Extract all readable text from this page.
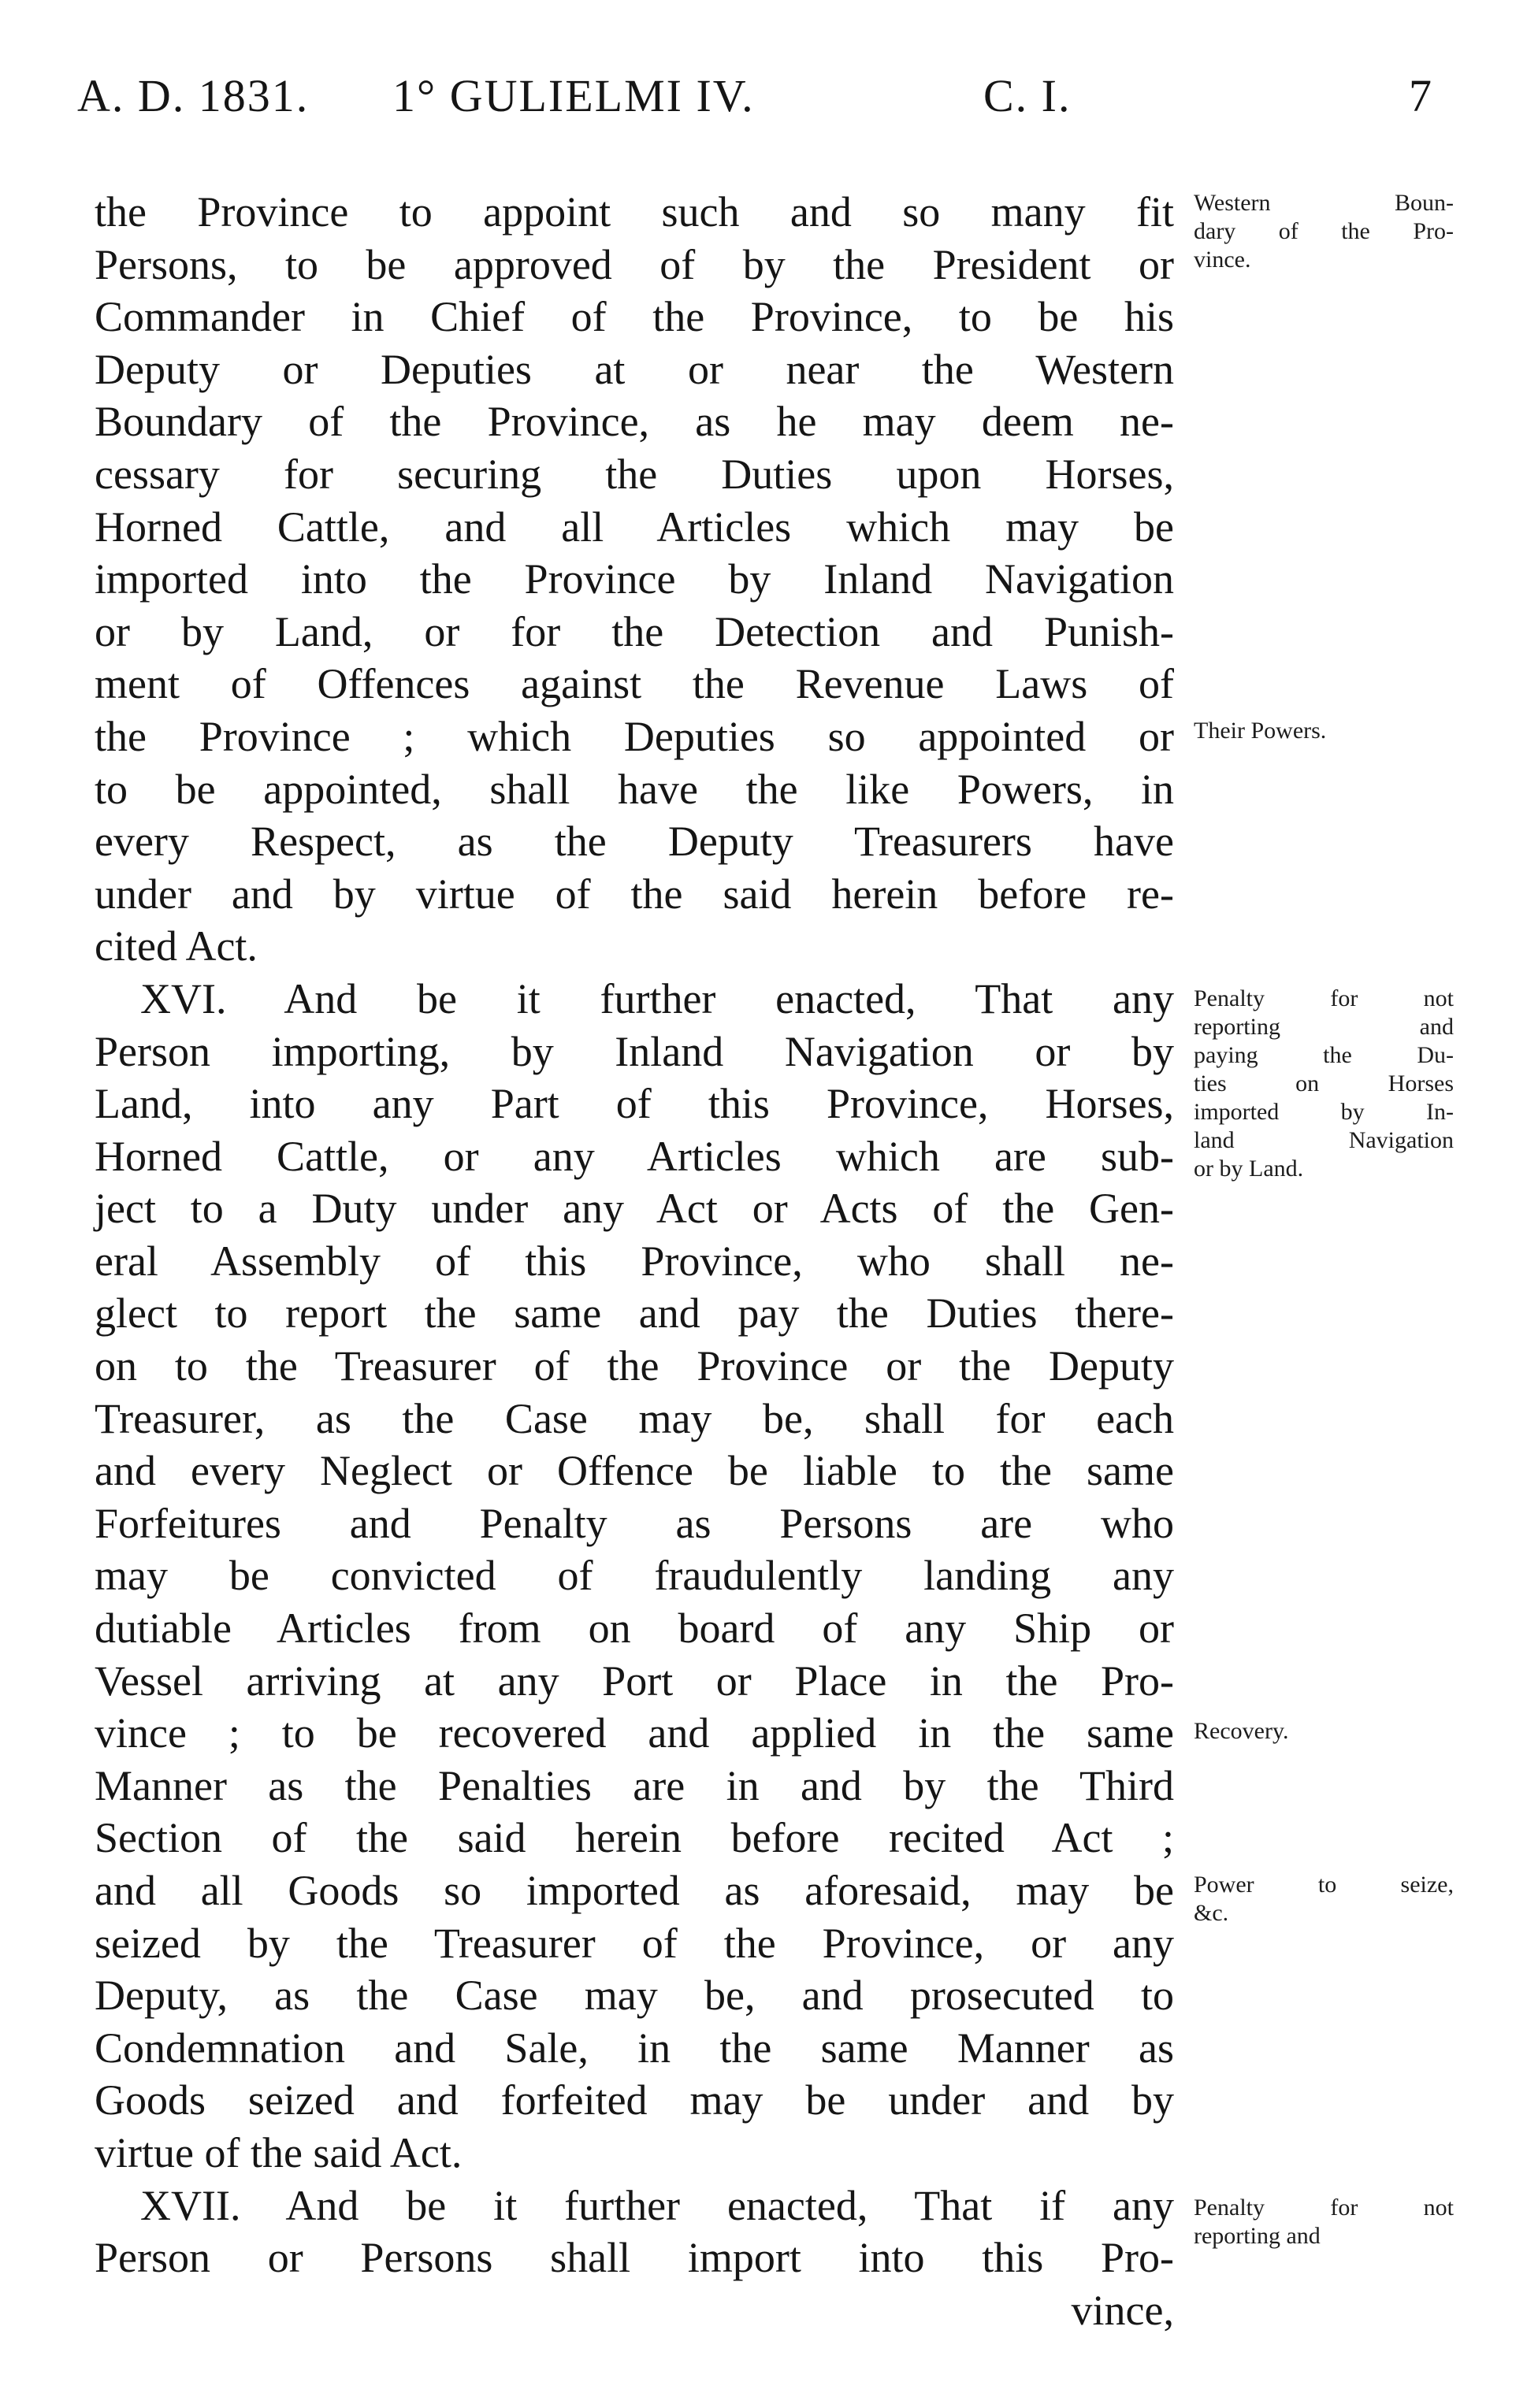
A. D. 1831. 1° GULIELMI IV.	C. I.	7
the Province to appoint such and so many fit
Persons, to be approved of by the President or
Commander in Chief of the Province, to be his
Deputy or Deputies at or near the Western
Boundary of the Province, as he may deem ne-
cessary for securing the Duties upon Horses,
Horned Cattle, and all Articles which may be
imported into the Province by Inland Navigation
or by Land, or for the Detection and Punish-
ment of Offences against the Revenue Laws of
the Province ; which Deputies so appointed or
to be appointed, shall have the like Powers, in
every Respect, as the Deputy Treasurers have
under and by virtue of the said herein before re-
cited Act.
XVI. And be it further enacted, That any
Person importing, by Inland Navigation or by
Land, into any Part of this Province, Horses,
Horned Cattle, or any Articles which are sub-
ject to a Duty under any Act or Acts of the Gen-
eral Assembly of this Province, who shall ne-
glect to report the same and pay the Duties there-
on to the Treasurer of the Province or the Deputy
Treasurer, as the Case may be, shall for each
and every Neglect or Offence be liable to the same
Forfeitures and Penalty as Persons are who
may be convicted of fraudulently landing any
dutiable Articles from on board of any Ship or
Vessel arriving at any Port or Place in the Pro-
vince ; to be recovered and applied in the same
Manner as the Penalties are in and by the Third
Section of the said herein before recited Act ;
and all Goods so imported as aforesaid, may be
seized by the Treasurer of the Province, or any
Deputy, as the Case may be, and prosecuted to
Condemnation and Sale, in the same Manner as
Goods seized and forfeited may be under and by
virtue of the said Act.
XVII. And be it further enacted, That if any
Person or Persons shall import into this Pro-
vince,
Western Boun-
dary of the Pro-
vince.
Their Powers.
Penalty for not
reporting and
paying the Du-
ties on Horses
imported by In-
land Navigation
or by Land.
Recovery.
Power to seize,
&c.
Penalty for not
reporting and
